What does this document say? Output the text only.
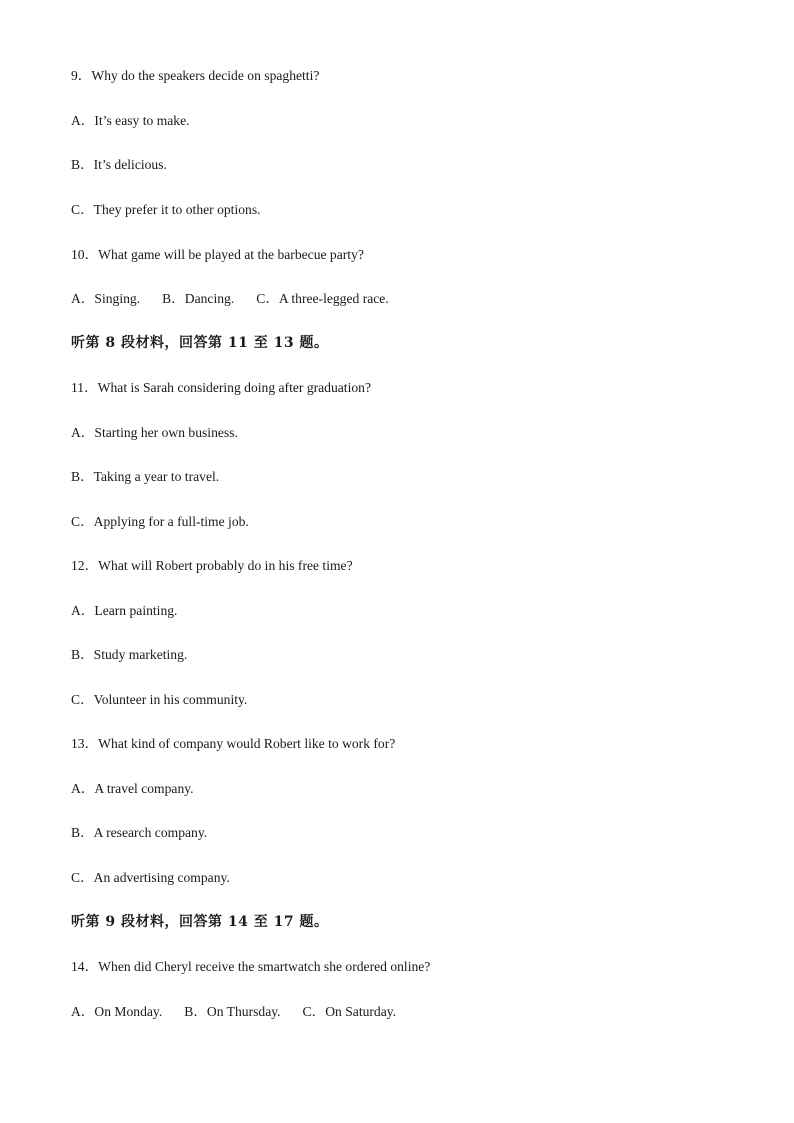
9．Why do the speakers decide on spaghetti?
A．It’s easy to make.
B．It’s delicious.
C．They prefer it to other options.
10．What game will be played at the barbecue party?
A．Singing. B．Dancing. C．A three-legged race.
听第 8 段材料，回答第 11 至 13 题。
11．What is Sarah considering doing after graduation?
A．Starting her own business.
B．Taking a year to travel.
C．Applying for a full-time job.
12．What will Robert probably do in his free time?
A．Learn painting.
B．Study marketing.
C．Volunteer in his community.
13．What kind of company would Robert like to work for?
A．A travel company.
B．A research company.
C．An advertising company.
听第 9 段材料，回答第 14 至 17 题。
14．When did Cheryl receive the smartwatch she ordered online?
A．On Monday. B．On Thursday. C．On Saturday.
